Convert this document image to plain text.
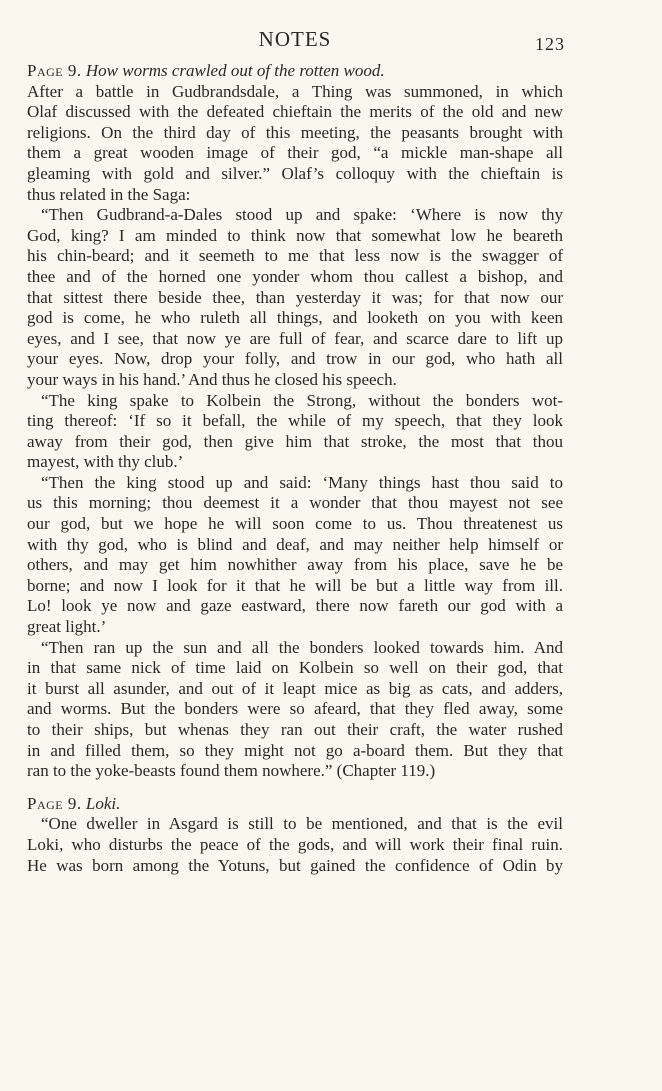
NOTES	123

Page 9. How worms crawled out of the rotten wood.

After a battle in Gudbrandsdale, a Thing was summoned, in which
Olaf discussed with the defeated chieftain the merits of the old and new
religions. On the third day of this meeting, the peasants brought with
them a great wooden image of their god, “a mickle man-shape all
gleaming with gold and silver.” Olaf’s colloquy with the chieftain is

thus related in the Saga:

“Then Gudbrand-a-Dales stood up and spake: ‘Where is now thy
God, king? I am minded to think now that somewhat low he beareth
his chin-beard; and it seemeth to me that less now is the swagger of
thee and of the horned one yonder whom thou callest a bishop, and
that sittest there beside thee, than yesterday it was; for that now our
god is come, he who ruleth all things, and looketh on you with keen
eyes, and I see, that now ye are full of fear, and scarce dare to lift up
your eyes. Now, drop your folly, and trow in our god, who hath all

your ways in his hand.’ And thus he closed his speech.

“The king spake to Kolbein the Strong, without the bonders wot-
ting thereof: ‘If so it befall, the while of my speech, that they look
away from their god, then give him that stroke, the most that thou

mayest, with thy club.’

“Then the king stood up and said: ‘Many things hast thou said to
us this morning; thou deemest it a wonder that thou mayest not see
our god, but we hope he will soon come to us. Thou threatenest us
with thy god, who is blind and deaf, and may neither help himself or
others, and may get him nowhither away from his place, save he be
borne; and now I look for it that he will be but a little way from ill.
Lo! look ye now and gaze eastward, there now fareth our god with a

great light.’

“Then ran up the sun and all the bonders looked towards him. And
in that same nick of time laid on Kolbein so well on their god, that
it burst all asunder, and out of it leapt mice as big as cats, and adders,
and worms. But the bonders were so afeard, that they fled away, some
to their ships, but whenas they ran out their craft, the water rushed
in and filled them, so they might not go a-board them. But they that

ran to the yoke-beasts found them nowhere.” (Chapter 119.)

Page 9. Loki.

“One dweller in Asgard is still to be mentioned, and that is the evil
Loki, who disturbs the peace of the gods, and will work their final ruin.
He was born among the Yotuns, but gained the confidence of Odin by
